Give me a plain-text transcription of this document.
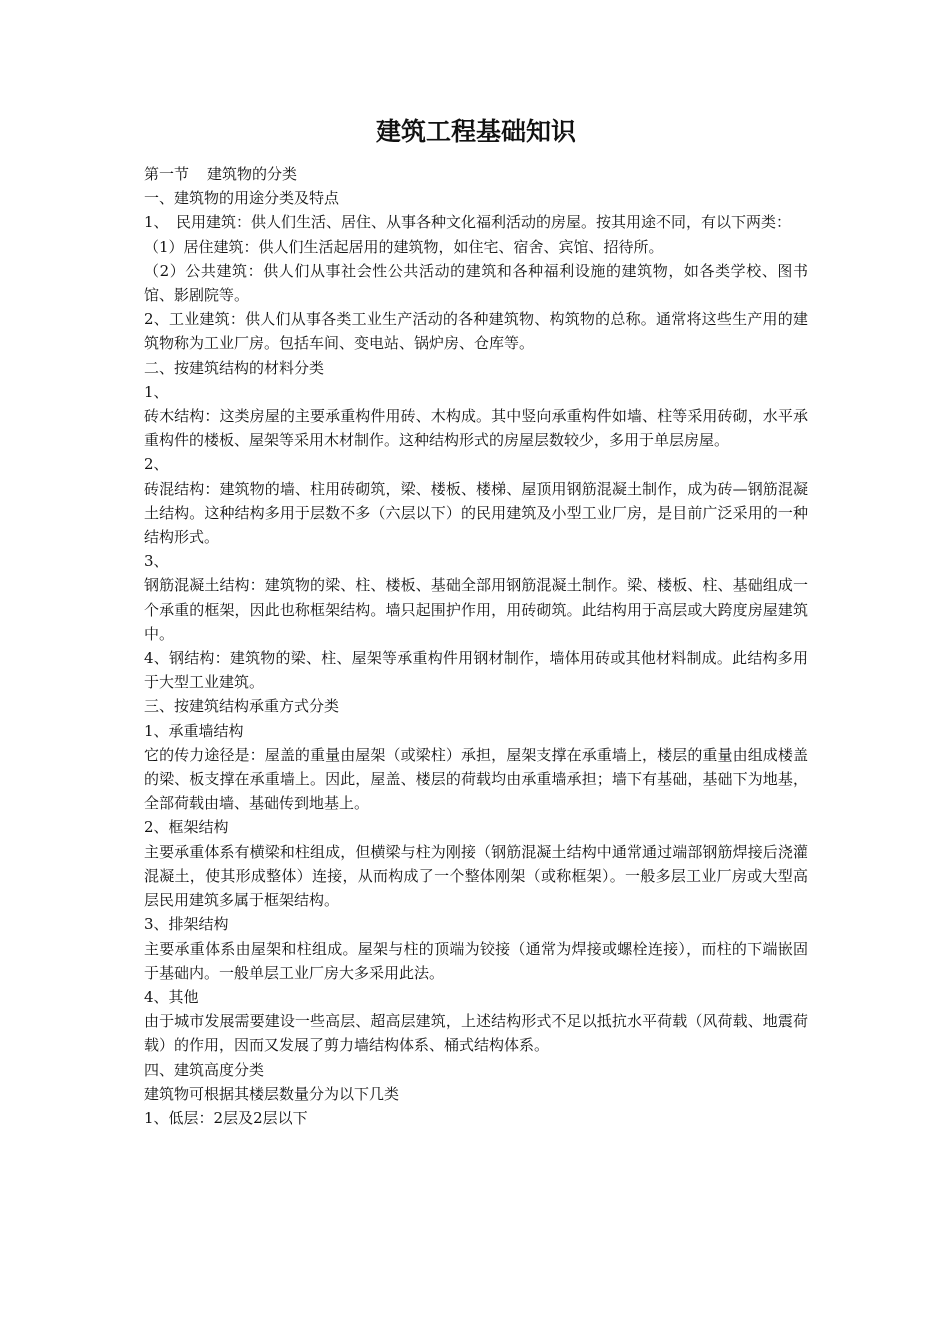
建筑工程基础知识

第一节 建筑物的分类

一、建筑物的用途分类及特点

1、　民用建筑：供人们生活、居住、从事各种文化福利活动的房屋。按其用途不同，有以下两类：

（1）居住建筑：供人们生活起居用的建筑物，如住宅、宿舍、宾馆、招待所。

（2）公共建筑：供人们从事社会性公共活动的建筑和各种福利设施的建筑物，如各类学校、图书馆、影剧院等。

2、工业建筑：供人们从事各类工业生产活动的各种建筑物、构筑物的总称。通常将这些生产用的建筑物称为工业厂房。包括车间、变电站、锅炉房、仓库等。

二、按建筑结构的材料分类

1、

砖木结构：这类房屋的主要承重构件用砖、木构成。其中竖向承重构件如墙、柱等采用砖砌，水平承重构件的楼板、屋架等采用木材制作。这种结构形式的房屋层数较少，多用于单层房屋。

2、

砖混结构：建筑物的墙、柱用砖砌筑，梁、楼板、楼梯、屋顶用钢筋混凝土制作，成为砖—钢筋混凝土结构。这种结构多用于层数不多（六层以下）的民用建筑及小型工业厂房，是目前广泛采用的一种结构形式。

3、

钢筋混凝土结构：建筑物的梁、柱、楼板、基础全部用钢筋混凝土制作。梁、楼板、柱、基础组成一个承重的框架，因此也称框架结构。墙只起围护作用，用砖砌筑。此结构用于高层或大跨度房屋建筑中。

4、钢结构：建筑物的梁、柱、屋架等承重构件用钢材制作，墙体用砖或其他材料制成。此结构多用于大型工业建筑。

三、按建筑结构承重方式分类

1、承重墙结构

它的传力途径是：屋盖的重量由屋架（或梁柱）承担，屋架支撑在承重墙上，楼层的重量由组成楼盖的梁、板支撑在承重墙上。因此，屋盖、楼层的荷载均由承重墙承担；墙下有基础，基础下为地基，全部荷载由墙、基础传到地基上。

2、框架结构

主要承重体系有横梁和柱组成，但横梁与柱为刚接（钢筋混凝土结构中通常通过端部钢筋焊接后浇灌混凝土，使其形成整体）连接，从而构成了一个整体刚架（或称框架）。一般多层工业厂房或大型高层民用建筑多属于框架结构。

3、排架结构

主要承重体系由屋架和柱组成。屋架与柱的顶端为铰接（通常为焊接或螺栓连接），而柱的下端嵌固于基础内。一般单层工业厂房大多采用此法。

4、其他

由于城市发展需要建设一些高层、超高层建筑，上述结构形式不足以抵抗水平荷载（风荷载、地震荷载）的作用，因而又发展了剪力墙结构体系、桶式结构体系。

四、建筑高度分类

建筑物可根据其楼层数量分为以下几类

1、低层：2层及2层以下
